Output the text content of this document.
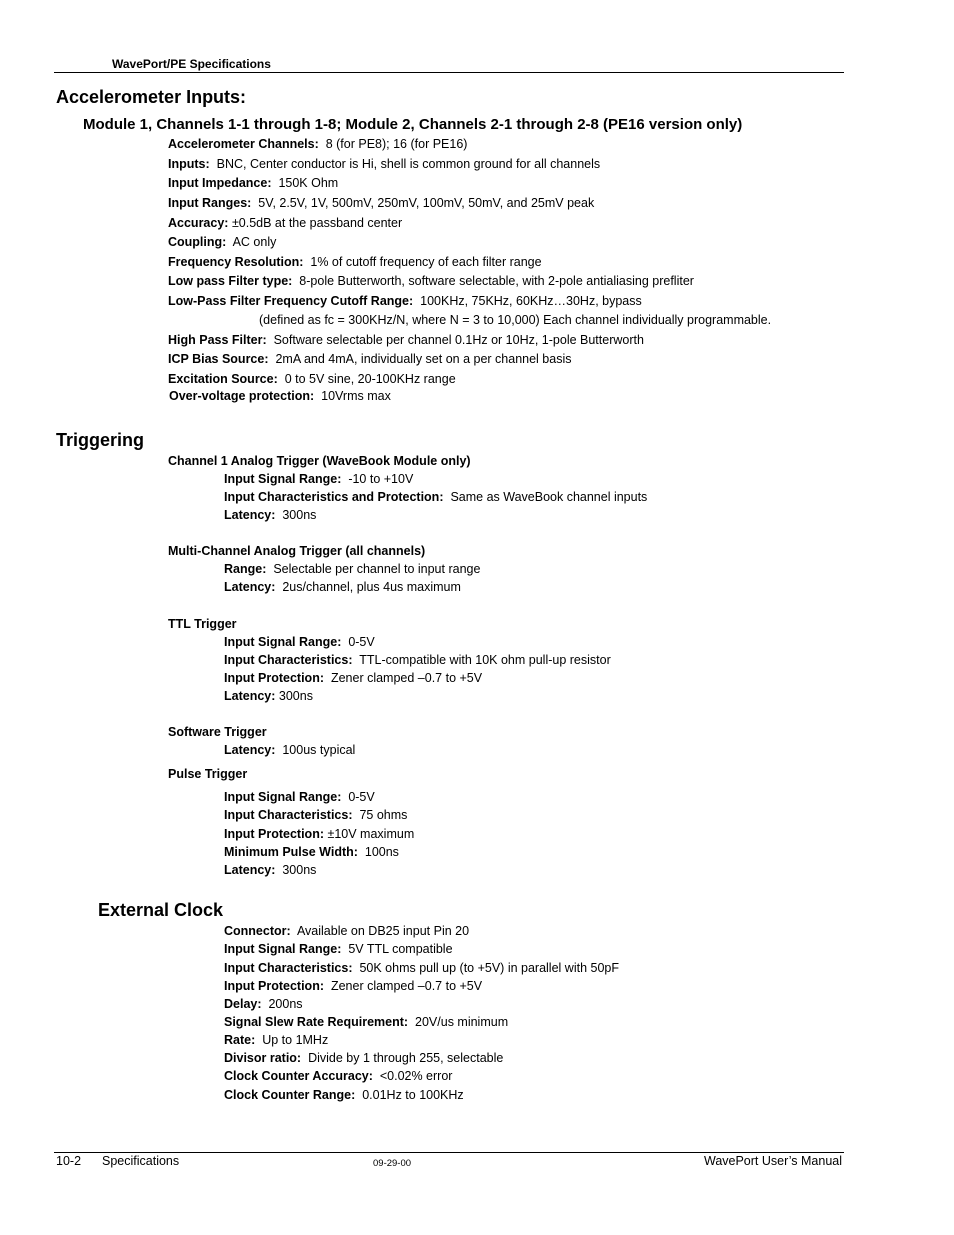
WavePort/PE Specifications
Accelerometer Inputs:
Module 1, Channels 1-1 through 1-8; Module 2, Channels 2-1 through 2-8 (PE16 version only)
Accelerometer Channels: 8 (for PE8); 16 (for PE16)
Inputs: BNC, Center conductor is Hi, shell is common ground for all channels
Input Impedance: 150K Ohm
Input Ranges: 5V, 2.5V, 1V, 500mV, 250mV, 100mV, 50mV, and 25mV peak
Accuracy: ±0.5dB at the passband center
Coupling: AC only
Frequency Resolution: 1% of cutoff frequency of each filter range
Low pass Filter type: 8-pole Butterworth, software selectable, with 2-pole antialiasing prefliter
Low-Pass Filter Frequency Cutoff Range: 100KHz, 75KHz, 60KHz…30Hz, bypass
(defined as fc = 300KHz/N, where N = 3 to 10,000) Each channel individually programmable.
High Pass Filter: Software selectable per channel 0.1Hz or 10Hz, 1-pole Butterworth
ICP Bias Source: 2mA and 4mA, individually set on a per channel basis
Excitation Source: 0 to 5V sine, 20-100KHz range
Over-voltage protection: 10Vrms max
Triggering
Channel 1 Analog Trigger (WaveBook Module only)
Input Signal Range: -10 to +10V
Input Characteristics and Protection: Same as WaveBook channel inputs
Latency: 300ns
Multi-Channel Analog Trigger (all channels)
Range: Selectable per channel to input range
Latency: 2us/channel, plus 4us maximum
TTL Trigger
Input Signal Range: 0-5V
Input Characteristics: TTL-compatible with 10K ohm pull-up resistor
Input Protection: Zener clamped –0.7 to +5V
Latency: 300ns
Software Trigger
Latency: 100us typical
Pulse Trigger
Input Signal Range: 0-5V
Input Characteristics: 75 ohms
Input Protection: ±10V maximum
Minimum Pulse Width: 100ns
Latency: 300ns
External Clock
Connector: Available on DB25 input Pin 20
Input Signal Range: 5V TTL compatible
Input Characteristics: 50K ohms pull up (to +5V) in parallel with 50pF
Input Protection: Zener clamped –0.7 to +5V
Delay: 200ns
Signal Slew Rate Requirement: 20V/us minimum
Rate: Up to 1MHz
Divisor ratio: Divide by 1 through 255, selectable
Clock Counter Accuracy: <0.02% error
Clock Counter Range: 0.01Hz to 100KHz
10-2 Specifications	09-29-00	WavePort User’s Manual
